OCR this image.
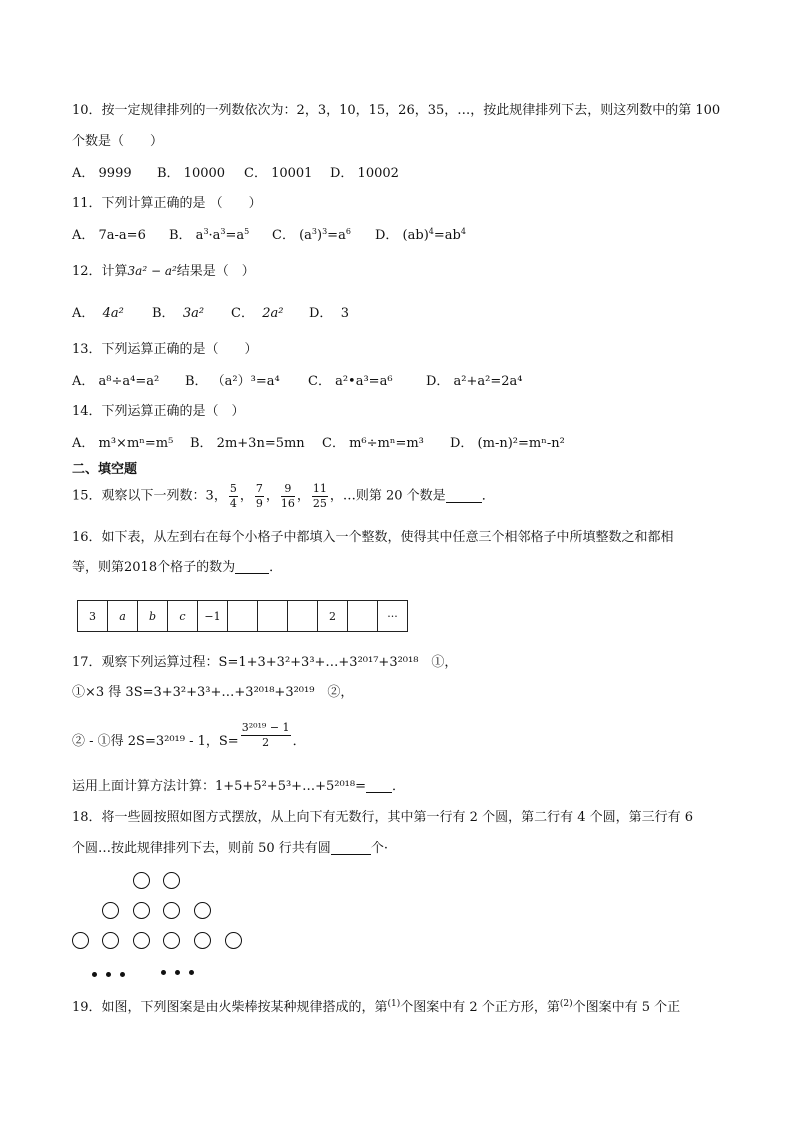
10．按一定规律排列的一列数依次为：2，3，10，15，26，35，…，按此规律排列下去，则这列数中的第 100
个数是（　　）
A． 9999 B． 10000 C． 10001 D． 10002
11．下列计算正确的是 （　　）
A． 7a-a=6 B． $a^3\cdot a^3=a^5$ C． $(a^3)^3=a^6$ D． $(ab)^4=ab^4$
12．计算3a² − a²结果是（　）
A． 4a² B． 3a² C． 2a² D． 3
13．下列运算正确的是（　　）
A． a⁸÷a⁴=a² B． （a²）³=a⁴ C． a²•a³=a⁶	D． a²+a²=2a⁴
14．下列运算正确的是（　）
A． m³×mⁿ=m⁵ B． 2m+3n=5mn C． m⁶÷mⁿ=m³ D． (m-n)²=mⁿ-n²
二、填空题
15．观察以下一列数：3， $\frac{5}{4}$ ， $\frac{7}{9}$ ， $\frac{9}{16}$ ， $\frac{11}{25}$ ，…则第 20 个数是	．
16．如下表，从左到右在每个小格子中都填入一个整数，使得其中任意三个相邻格子中所填整数之和都相
等，则第2018个格子的数为	．
3	a	b	c	−1				2		···
17．观察下列运算过程：S=1+3+3²+3³+…+3²⁰¹⁷+3²⁰¹⁸　①，
①×3 得 3S=3+3²+3³+…+3²⁰¹⁸+3²⁰¹⁹　②，
② - ①得 2S=3²⁰¹⁹ - 1，$S= \frac{\text{3²⁰¹⁹ − 1}}{2}$ ．
运用上面计算方法计算：1+5+5²+5³+…+5²⁰¹⁸= ．
18．将一些圆按照如图方式摆放，从上向下有无数行，其中第一行有 2 个圆，第二行有 4 个圆，第三行有 6
个圆…按此规律排列下去，则前 50 行共有圆	个·
19．如图，下列图案是由火柴棒按某种规律搭成的，第$^{(1)}$个图案中有 2 个正方形，第$^{(2)}$个图案中有 5 个正
